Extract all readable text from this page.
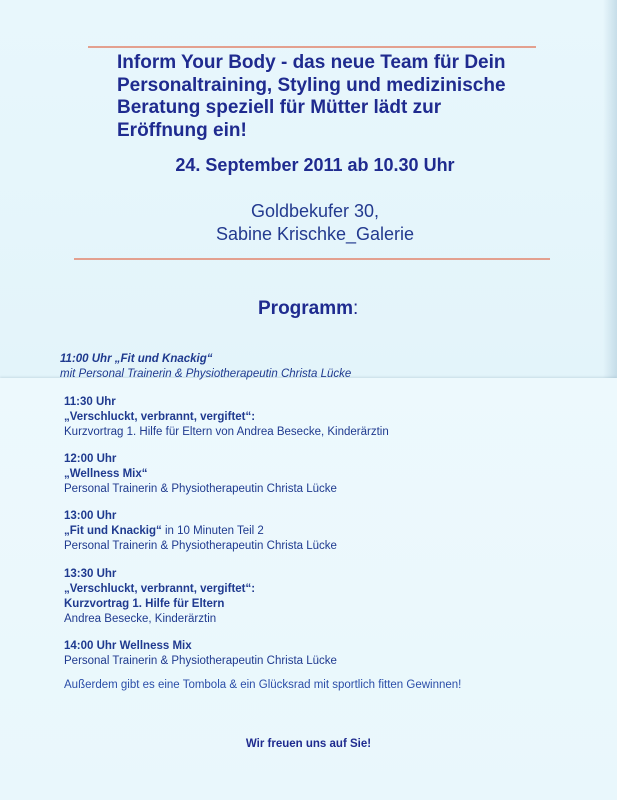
Inform Your Body - das neue Team für Dein
Personaltraining, Styling und medizinische
Beratung speziell für Mütter lädt zur
Eröffnung ein!
24. September 2011 ab 10.30 Uhr
Goldbekufer 30,
Sabine Krischke_Galerie
Programm:
11:00 Uhr „Fit und Knackig“
mit Personal Trainerin & Physiotherapeutin Christa Lücke
11:30 Uhr
„Verschluckt, verbrannt, vergiftet“:
Kurzvortrag 1. Hilfe für Eltern von Andrea Besecke, Kinderärztin
12:00 Uhr
„Wellness Mix“
Personal Trainerin & Physiotherapeutin Christa Lücke
13:00 Uhr
„Fit und Knackig“ in 10 Minuten Teil 2
Personal Trainerin & Physiotherapeutin Christa Lücke
13:30 Uhr
„Verschluckt, verbrannt, vergiftet“:
Kurzvortrag 1. Hilfe für Eltern
Andrea Besecke, Kinderärztin
14:00 Uhr Wellness Mix
Personal Trainerin & Physiotherapeutin Christa Lücke
Außerdem gibt es eine Tombola & ein Glücksrad mit sportlich fitten Gewinnen!
Wir freuen uns auf Sie!
